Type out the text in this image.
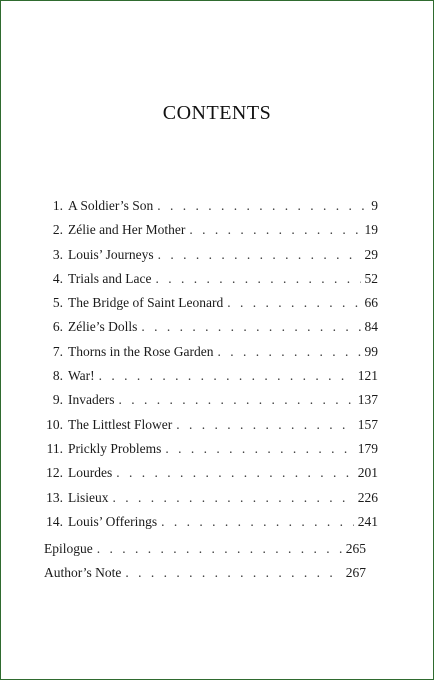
CONTENTS
1. A Soldier’s Son . . .	9
2. Zélie and Her Mother . . .	19
3. Louis’ Journeys . . .	29
4. Trials and Lace . . .	52
5. The Bridge of Saint Leonard . . .	66
6. Zélie’s Dolls . . .	84
7. Thorns in the Rose Garden . . .	99
8. War! . . .	121
9. Invaders . . .	137
10. The Littlest Flower . . .	157
11. Prickly Problems . . .	179
12. Lourdes . . .	201
13. Lisieux . . .	226
14. Louis’ Offerings . . .	241
Epilogue . . .	265
Author’s Note . . .	267
